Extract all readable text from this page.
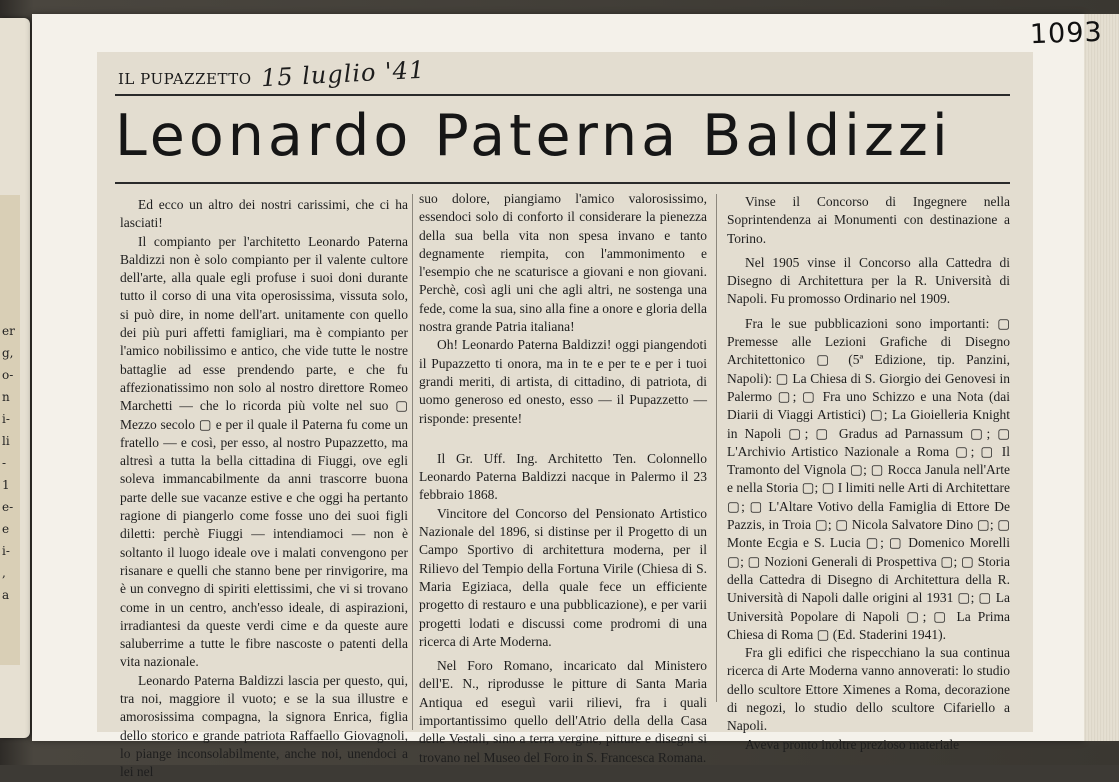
er
g,
o-
n
i-
li
-
1
e-
e
i-
,
a
1093
IL PUPAZZETTO 15 luglio '41
Leonardo Paterna Baldizzi

Ed ecco un altro dei nostri carissimi, che ci ha lasciati!

Il compianto per l'architetto Leonardo Paterna Baldizzi non è solo compianto per il valente cultore dell'arte, alla quale egli profuse i suoi doni durante tutto il corso di una vita operosissima, vissuta solo, si può dire, in nome dell'art. unitamente con quello dei più puri affetti famigliari, ma è compianto per l'amico nobilissimo e antico, che vide tutte le nostre battaglie ad esse prendendo parte, e che fu affezionatissimo non solo al nostro direttore Romeo Marchetti — che lo ricorda più volte nel suo ▢ Mezzo secolo ▢ e per il quale il Paterna fu come un fratello — e così, per esso, al nostro Pupazzetto, ma altresì a tutta la bella cittadina di Fiuggi, ove egli soleva immancabilmente da anni trascorre buona parte delle sue vacanze estive e che oggi ha pertanto ragione di piangerlo come fosse uno dei suoi figli diletti: perchè Fiuggi — intendiamoci — non è soltanto il luogo ideale ove i malati convengono per risanare e quelli che stanno bene per rinvigorire, ma è un convegno di spiriti elettissimi, che vi si trovano come in un centro, anch'esso ideale, di aspirazioni, irradiantesi da queste verdi cime e da queste aure saluberrime a tutte le fibre nascoste o patenti della vita nazionale.

Leonardo Paterna Baldizzi lascia per questo, qui, tra noi, maggiore il vuoto; e se la sua illustre e amorosissima compagna, la signora Enrica, figlia dello storico e grande patriota Raffaello Giovagnoli, lo piange inconsolabilmente, anche noi, unendoci a lei nel

suo dolore, piangiamo l'amico valorosissimo, essendoci solo di conforto il considerare la pienezza della sua bella vita non spesa invano e tanto degnamente riempita, con l'ammonimento e l'esempio che ne scaturisce a giovani e non giovani. Perchè, così agli uni che agli altri, ne sostenga una fede, come la sua, sino alla fine a onore e gloria della nostra grande Patria italiana!

Oh! Leonardo Paterna Baldizzi! oggi piangendoti il Pupazzetto ti onora, ma in te e per te e per i tuoi grandi meriti, di artista, di cittadino, di patriota, di uomo generoso ed onesto, esso — il Pupazzetto — risponde: presente!

Il Gr. Uff. Ing. Architetto Ten. Colonnello Leonardo Paterna Baldizzi nacque in Palermo il 23 febbraio 1868.

Vincitore del Concorso del Pensionato Artistico Nazionale del 1896, si distinse per il Progetto di un Campo Sportivo di architettura moderna, per il Rilievo del Tempio della Fortuna Virile (Chiesa di S. Maria Egiziaca, della quale fece un efficiente progetto di restauro e una pubblicazione), e per varii progetti lodati e discussi come prodromi di una ricerca di Arte Moderna.

Nel Foro Romano, incaricato dal Ministero dell'E. N., riprodusse le pitture di Santa Maria Antiqua ed eseguì varii rilievi, fra i quali importantissimo quello dell'Atrio della della Casa delle Vestali, sino a terra vergine, pitture e disegni si trovano nel Museo del Foro in S. Francesca Romana.

Vinse il Concorso di Ingegnere nella Soprintendenza ai Monumenti con destinazione a Torino.

Nel 1905 vinse il Concorso alla Cattedra di Disegno di Architettura per la R. Università di Napoli. Fu promosso Ordinario nel 1909.

Fra le sue pubblicazioni sono importanti: ▢ Premesse alle Lezioni Grafiche di Disegno Architettonico ▢ (5ª Edizione, tip. Panzini, Napoli): ▢ La Chiesa di S. Giorgio dei Genovesi in Palermo ▢; ▢ Fra uno Schizzo e una Nota (dai Diarii di Viaggi Artistici) ▢; La Gioielleria Knight in Napoli ▢; ▢ Gradus ad Parnassum ▢; ▢ L'Archivio Artistico Nazionale a Roma ▢; ▢ Il Tramonto del Vignola ▢; ▢ Rocca Janula nell'Arte e nella Storia ▢; ▢ I limiti nelle Arti di Architettare ▢; ▢ L'Altare Votivo della Famiglia di Ettore De Pazzis, in Troia ▢; ▢ Nicola Salvatore Dino ▢; ▢ Monte Ecgia e S. Lucia ▢; ▢ Domenico Morelli ▢; ▢ Nozioni Generali di Prospettiva ▢; ▢ Storia della Cattedra di Disegno di Architettura della R. Università di Napoli dalle origini al 1931 ▢; ▢ La Università Popolare di Napoli ▢; ▢ La Prima Chiesa di Roma ▢ (Ed. Staderini 1941).

Fra gli edifici che rispecchiano la sua continua ricerca di Arte Moderna vanno annoverati: lo studio dello scultore Ettore Ximenes a Roma, decorazione di negozi, lo studio dello scultore Cifariello a Napoli.

Aveva pronto inoltre prezioso materiale
